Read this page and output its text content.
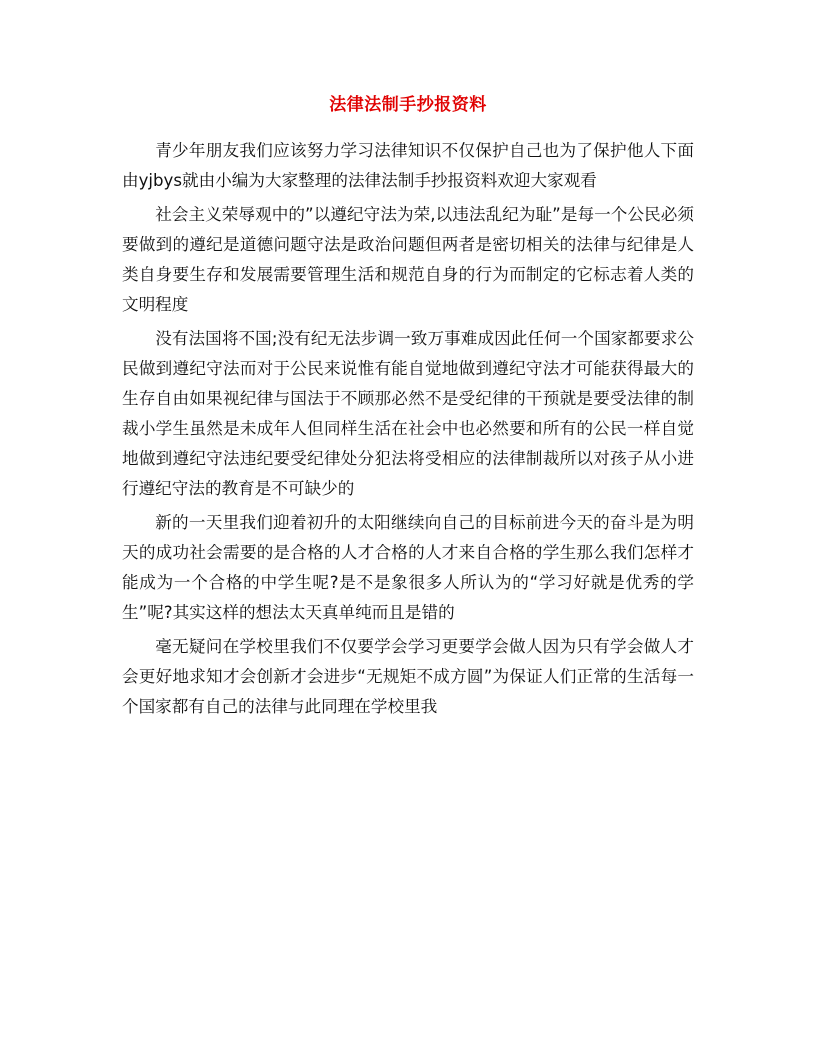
法律法制手抄报资料

青少年朋友我们应该努力学习法律知识不仅保护自己也为了保护他人下面由yjbys就由小编为大家整理的法律法制手抄报资料欢迎大家观看

社会主义荣辱观中的”以遵纪守法为荣,以违法乱纪为耻”是每一个公民必须要做到的遵纪是道德问题守法是政治问题但两者是密切相关的法律与纪律是人类自身要生存和发展需要管理生活和规范自身的行为而制定的它标志着人类的文明程度

没有法国将不国;没有纪无法步调一致万事难成因此任何一个国家都要求公民做到遵纪守法而对于公民来说惟有能自觉地做到遵纪守法才可能获得最大的生存自由如果视纪律与国法于不顾那必然不是受纪律的干预就是要受法律的制裁小学生虽然是未成年人但同样生活在社会中也必然要和所有的公民一样自觉地做到遵纪守法违纪要受纪律处分犯法将受相应的法律制裁所以对孩子从小进行遵纪守法的教育是不可缺少的

新的一天里我们迎着初升的太阳继续向自己的目标前进今天的奋斗是为明天的成功社会需要的是合格的人才合格的人才来自合格的学生那么我们怎样才能成为一个合格的中学生呢?是不是象很多人所认为的“学习好就是优秀的学生”呢?其实这样的想法太天真单纯而且是错的

毫无疑问在学校里我们不仅要学会学习更要学会做人因为只有学会做人才会更好地求知才会创新才会进步“无规矩不成方圆”为保证人们正常的生活每一个国家都有自己的法律与此同理在学校里我
